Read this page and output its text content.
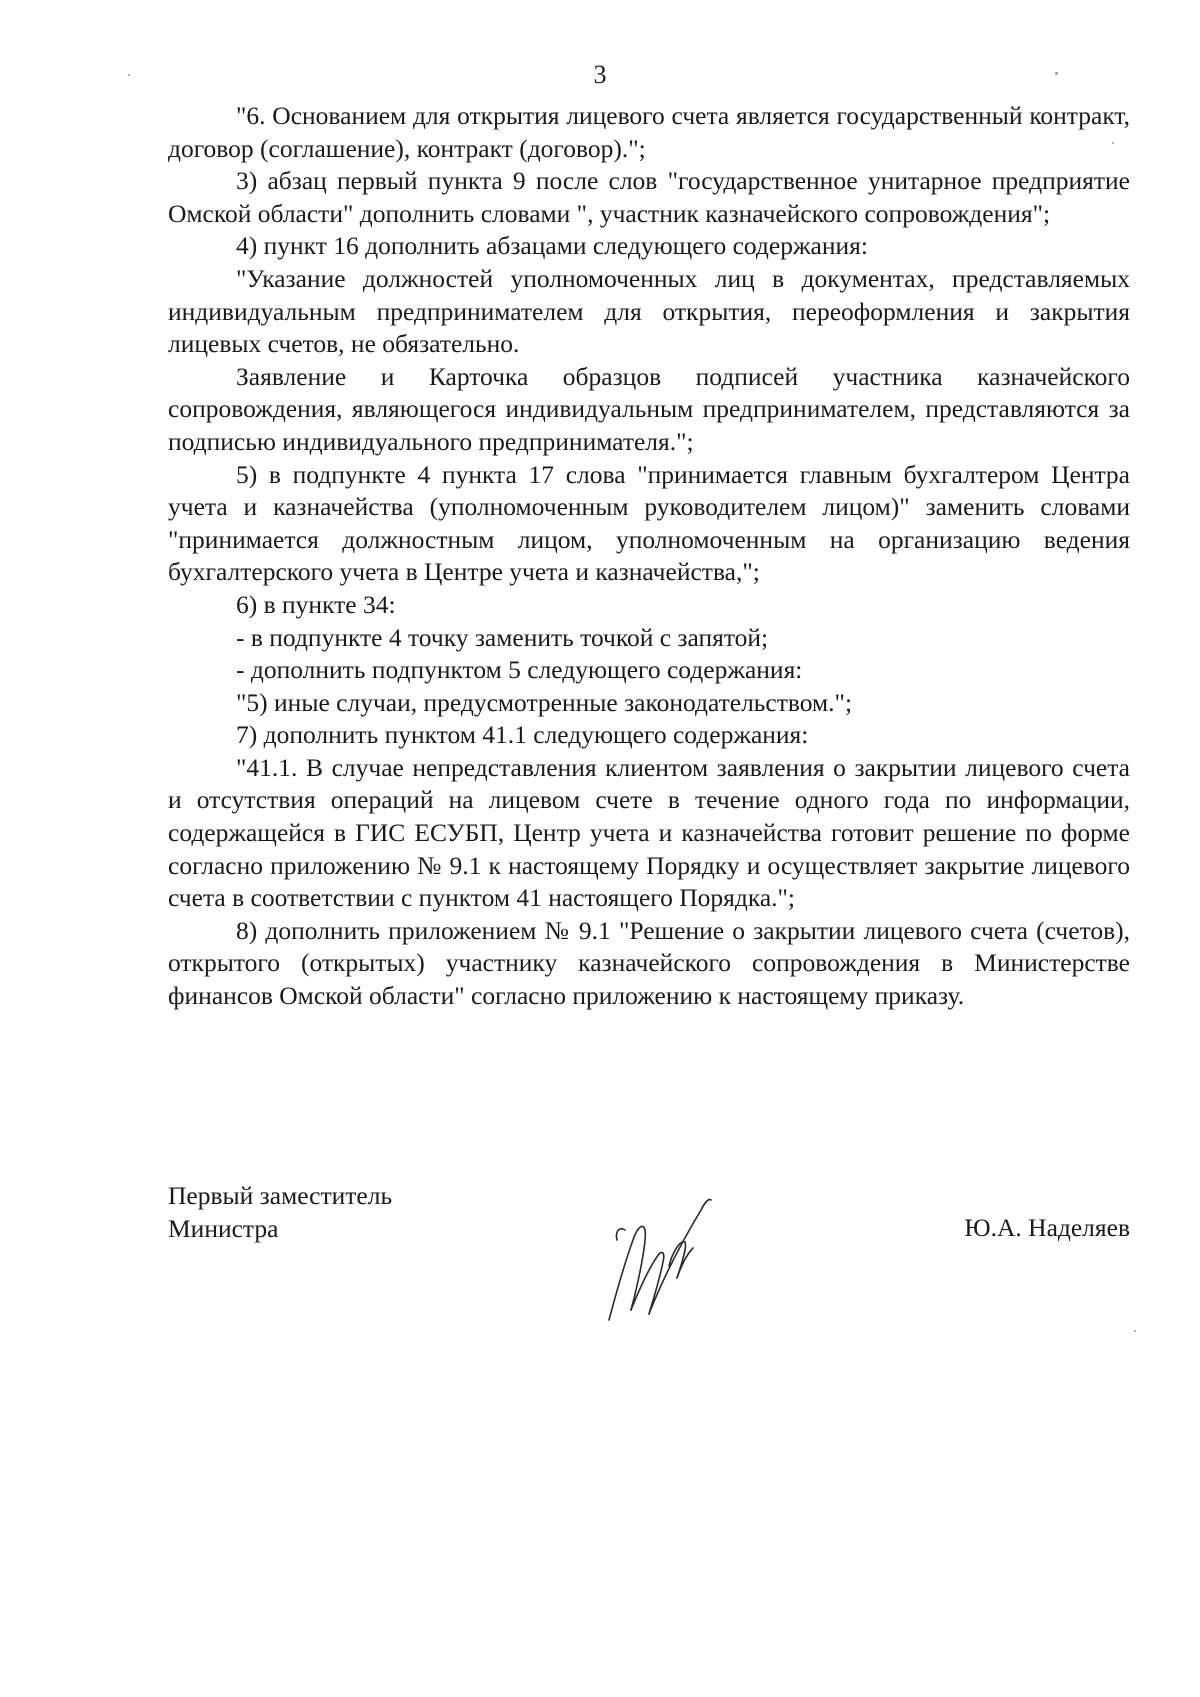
3

"6. Основанием для открытия лицевого счета является государственный контракт, договор (соглашение), контракт (договор).";

3) абзац первый пункта 9 после слов "государственное унитарное предприятие Омской области" дополнить словами ", участник казначейского сопровождения";

4) пункт 16 дополнить абзацами следующего содержания:

"Указание должностей уполномоченных лиц в документах, представляемых индивидуальным предпринимателем для открытия, переоформления и закрытия лицевых счетов, не обязательно.

Заявление и Карточка образцов подписей участника казначейского сопровождения, являющегося индивидуальным предпринимателем, представляются за подписью индивидуального предпринимателя.";

5) в подпункте 4 пункта 17 слова "принимается главным бухгалтером Центра учета и казначейства (уполномоченным руководителем лицом)" заменить словами "принимается должностным лицом, уполномоченным на организацию ведения бухгалтерского учета в Центре учета и казначейства,";

6) в пункте 34:

- в подпункте 4 точку заменить точкой с запятой;

- дополнить подпунктом 5 следующего содержания:

"5) иные случаи, предусмотренные законодательством.";

7) дополнить пунктом 41.1 следующего содержания:

"41.1. В случае непредставления клиентом заявления о закрытии лицевого счета и отсутствия операций на лицевом счете в течение одного года по информации, содержащейся в ГИС ЕСУБП, Центр учета и казначейства готовит решение по форме согласно приложению № 9.1 к настоящему Порядку и осуществляет закрытие лицевого счета в соответствии с пунктом 41 настоящего Порядка.";

8) дополнить приложением № 9.1 "Решение о закрытии лицевого счета (счетов), открытого (открытых) участнику казначейского сопровождения в Министерстве финансов Омской области" согласно приложению к настоящему приказу.

Первый заместитель
Министра	Ю.А. Наделяев
